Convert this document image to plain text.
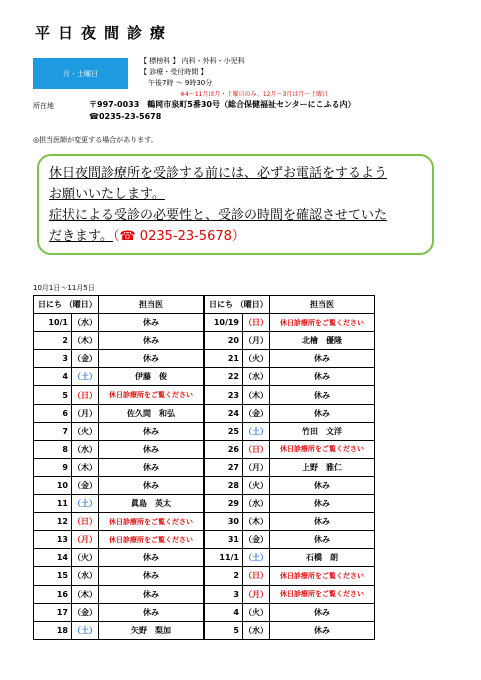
平日夜間診療
月・土曜日
【 標榜科 】 内科・外科・小児科
【 診療・受付時間 】
午後7時 ～ 9時30分
※4～11月は月・土曜日のみ、12月～3月は月～土曜日
所在地	〒997-0033　鶴岡市泉町5番30号（総合保健福祉センターにこふる内）
☎0235-23-5678
◎担当医師が変更する場合があります。
休日夜間診療所を受診する前には、必ずお電話をするよう
お願いいたします。
症状による受診の必要性と、受診の時間を確認させていた
だきます。（☎ 0235-23-5678）
10月1日～11月5日
日にち （曜日）		担当医	日にち （曜日）		担当医
10/1	（水）	休み	10/19	（日）	休日診療所をご覧ください
2	（木）	休み	20	（月）	北檜　優隆
3	（金）	休み	21	（火）	休み
4	（土）	伊藤　俊	22	（水）	休み
5	（日）	休日診療所をご覧ください	23	（木）	休み
6	（月）	佐久間　和弘	24	（金）	休み
7	（火）	休み	25	（土）	竹田　文洋
8	（水）	休み	26	（日）	休日診療所をご覧ください
9	（木）	休み	27	（月）	上野　雅仁
10	（金）	休み	28	（火）	休み
11	（土）	眞島　英太	29	（水）	休み
12	（日）	休日診療所をご覧ください	30	（木）	休み
13	（月）	休日診療所をご覧ください	31	（金）	休み
14	（火）	休み	11/1	（土）	石橋　朗
15	（水）	休み	2	（日）	休日診療所をご覧ください
16	（木）	休み	3	（月）	休日診療所をご覧ください
17	（金）	休み	4	（火）	休み
18	（土）	矢野　梨加	5	（水）	休み
